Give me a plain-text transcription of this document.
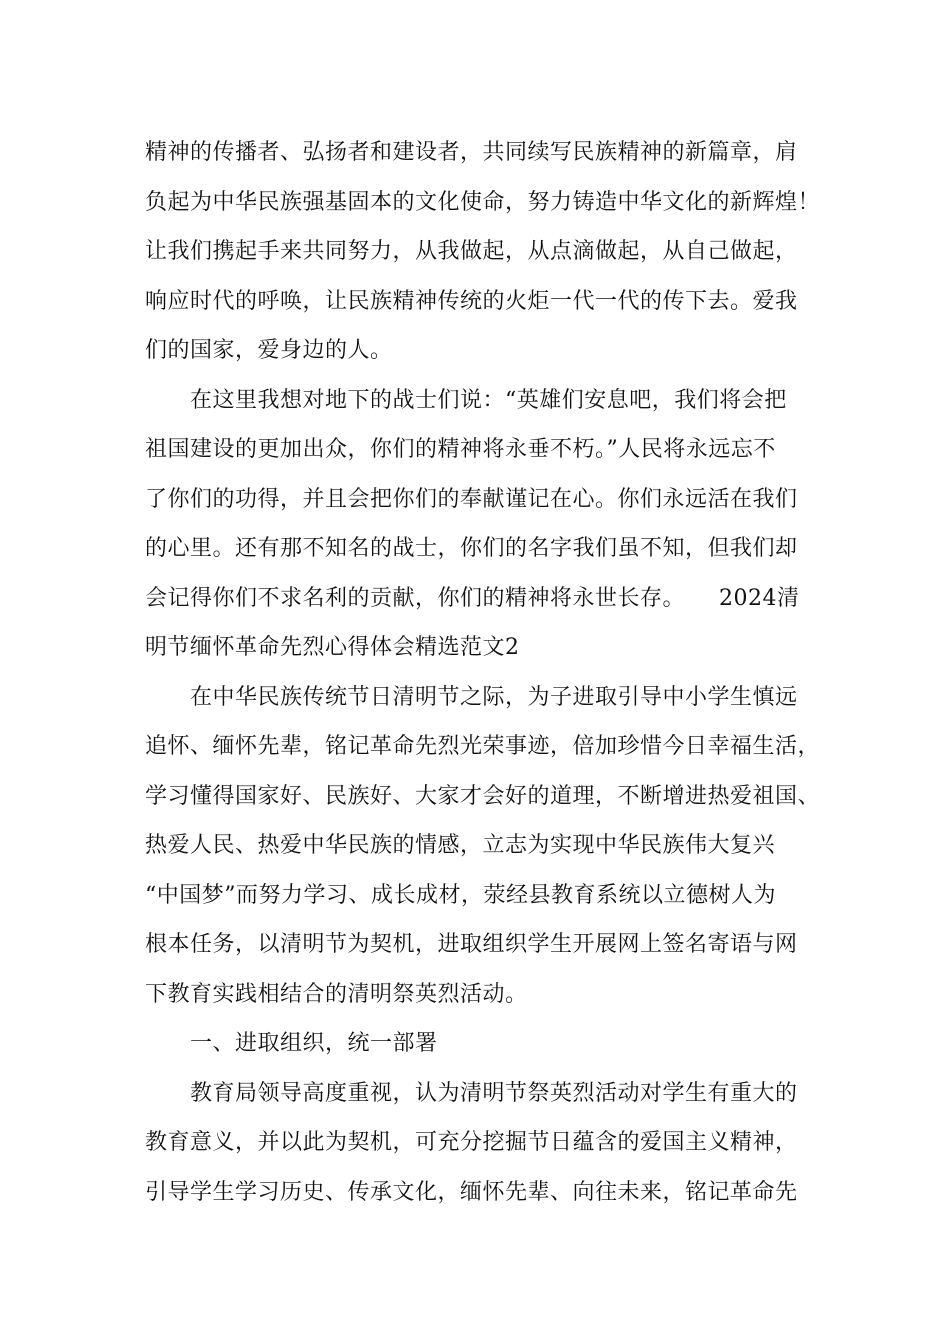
精神的传播者、弘扬者和建设者，共同续写民族精神的新篇章，肩
负起为中华民族强基固本的文化使命，努力铸造中华文化的新辉煌！
让我们携起手来共同努力，从我做起，从点滴做起，从自己做起，
响应时代的呼唤，让民族精神传统的火炬一代一代的传下去。爱我
们的国家，爱身边的人。
在这里我想对地下的战士们说：“英雄们安息吧，我们将会把
祖国建设的更加出众，你们的精神将永垂不朽。”人民将永远忘不
了你们的功得，并且会把你们的奉献谨记在心。你们永远活在我们
的心里。还有那不知名的战士，你们的名字我们虽不知，但我们却
会记得你们不求名利的贡献，你们的精神将永世长存。　　2024清
明节缅怀革命先烈心得体会精选范文2
在中华民族传统节日清明节之际，为子进取引导中小学生慎远
追怀、缅怀先辈，铭记革命先烈光荣事迹，倍加珍惜今日幸福生活，
学习懂得国家好、民族好、大家才会好的道理，不断增进热爱祖国、
热爱人民、热爱中华民族的情感，立志为实现中华民族伟大复兴
“中国梦”而努力学习、成长成材，荥经县教育系统以立德树人为
根本任务，以清明节为契机，进取组织学生开展网上签名寄语与网
下教育实践相结合的清明祭英烈活动。
一、进取组织，统一部署
教育局领导高度重视，认为清明节祭英烈活动对学生有重大的
教育意义，并以此为契机，可充分挖掘节日蕴含的爱国主义精神，
引导学生学习历史、传承文化，缅怀先辈、向往未来，铭记革命先
